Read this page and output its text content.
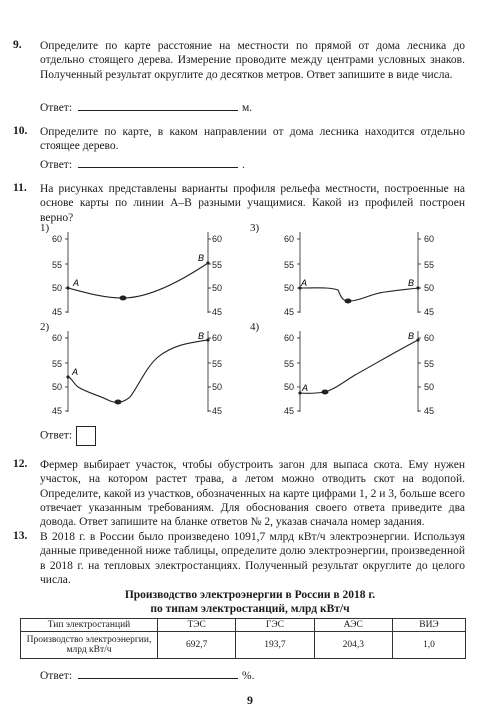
9. Определите по карте расстояние на местности по прямой от дома лесника до отдельно стоящего дерева. Измерение проводите между центрами условных знаков. Полученный результат округлите до десятков метров. Ответ запишите в виде числа.
Ответ:	м.
10. Определите по карте, в каком направлении от дома лесника находится отдельно стоящее дерево.
Ответ:	.
11. На рисунках представлены варианты профиля рельефа местности, построенные на основе карты по линии А–В разными учащимися. Какой из профилей построен верно?
1)
60
55
50
45
60
55
50
45
A
B
3)
60
55
50
45
60
55
50
45
A	B
2)
60
55
50
45
60
55
50
45
A
B
4)
60
55
50
45
60
55
50
45
A
B
Ответ:
12. Фермер выбирает участок, чтобы обустроить загон для выпаса скота. Ему нужен участок, на котором растет трава, а летом можно отводить скот на водопой. Определите, какой из участков, обозначенных на карте цифрами 1, 2 и 3, больше всего отвечает указанным требованиям. Для обоснования своего ответа приведите два довода. Ответ запишите на бланке ответов № 2, указав сначала номер задания.
13. В 2018 г. в России было произведено 1091,7 млрд кВт/ч электроэнергии. Используя данные приведенной ниже таблицы, определите долю электроэнергии, произведенной в 2018 г. на тепловых электростанциях. Полученный результат округлите до целого числа.
Производство электроэнергии в России в 2018 г.
по типам электростанций, млрд кВт/ч
Тип электростанций	ТЭС	ГЭС	АЭС	ВИЭ
Производство электроэнергии, млрд кВт/ч	692,7	193,7	204,3	1,0
Ответ:	%.
9
